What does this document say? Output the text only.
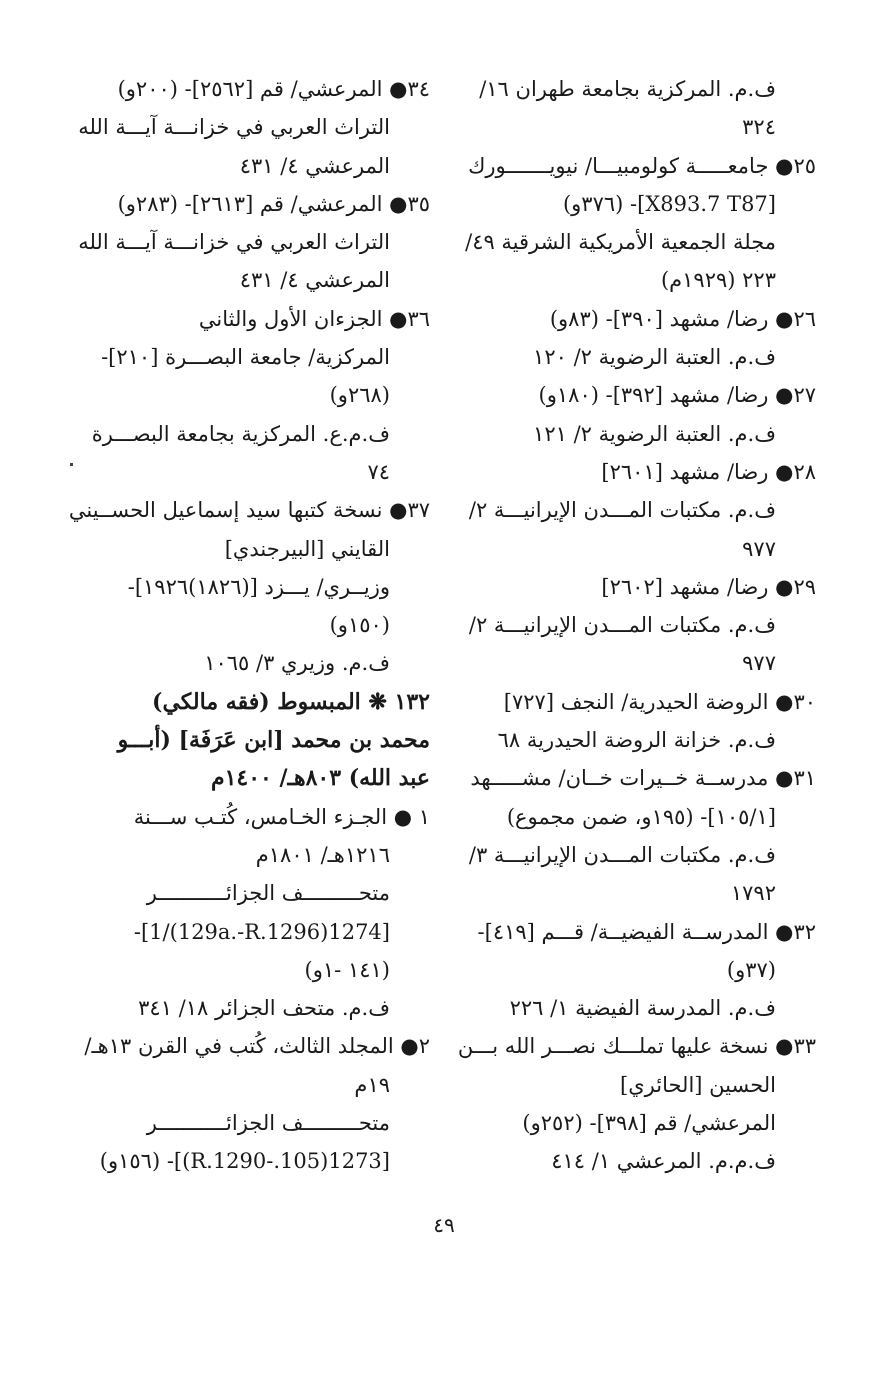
ف.م. المركزية بجامعة طهران ١٦/
٣٢٤
٢٥● جامعـــــة كولومبيـــا/ نيويـــــــورك
[X893.7 T87]- (٣٧٦و)
مجلة الجمعية الأمريكية الشرقية ٤٩/
٢٢٣ (١٩٢٩م)
٢٦● رضا/ مشهد [٣٩٠]- (٨٣و)
ف.م. العتبة الرضوية ٢/ ١٢٠
٢٧● رضا/ مشهد [٣٩٢]- (١٨٠و)
ف.م. العتبة الرضوية ٢/ ١٢١
٢٨● رضا/ مشهد [٢٦٠١]
ف.م. مكتبات المـــدن الإيرانيـــة ٢/
٩٧٧
٢٩● رضا/ مشهد [٢٦٠٢]
ف.م. مكتبات المـــدن الإيرانيـــة ٢/
٩٧٧
٣٠● الروضة الحيدرية/ النجف [٧٢٧]
ف.م. خزانة الروضة الحيدرية ٦٨
٣١● مدرســة خــيرات خــان/ مشـــــهد
[١٠٥/١]- (١٩٥و، ضمن مجموع)
ف.م. مكتبات المـــدن الإيرانيـــة ٣/
١٧٩٢
٣٢● المدرســة الفيضيــة/ قـــم [٤١٩]-
(٣٧و)
ف.م. المدرسة الفيضية ١/ ٢٢٦
٣٣● نسخة عليها تملـــك نصـــر الله بـــن
الحسين [الحائري]
المرعشي/ قم [٣٩٨]- (٢٥٢و)
ف.م.م. المرعشي ١/ ٤١٤
٣٤● المرعشي/ قم [٢٥٦٢]- (٢٠٠و)
التراث العربي في خزانـــة آيـــة الله
المرعشي ٤/ ٤٣١
٣٥● المرعشي/ قم [٢٦١٣]- (٢٨٣و)
التراث العربي في خزانـــة آيـــة الله
المرعشي ٤/ ٤٣١
٣٦● الجزءان الأول والثاني
المركزية/ جامعة البصـــرة [٢١٠]-
(٢٦٨و)
ف.م.ع. المركزية بجامعة البصـــرة
٧٤
٣٧● نسخة كتبها سيد إسماعيل الحســيني
القايني [البيرجندي]
وزيــري/ يـــزد [(١٨٢٦)١٩٢٦]-
(١٥٠و)
ف.م. وزيري ٣/ ١٠٦٥
١٣٢ ❋ المبسوط (فقه مالكي)
محمد بن محمد [ابن عَرَفَة] (أبـــو
عبد الله) ٨٠٣هـ/ ١٤٠٠م
١ ● الجـزء الخـامس، كُتـب ســـنة
١٢١٦هـ/ ١٨٠١م
متحـــــــــف الجزائـــــــــــر
[1274(129a.-R.1296)/1]-
(١٤١ -١و)
ف.م. متحف الجزائر ١٨/ ٣٤١
٢● المجلد الثالث، كُتب في القرن ١٣هـ/
١٩م
متحـــــــــف الجزائـــــــــــر
[1273(105.-R.1290)]- (١٥٦و)
٤٩
